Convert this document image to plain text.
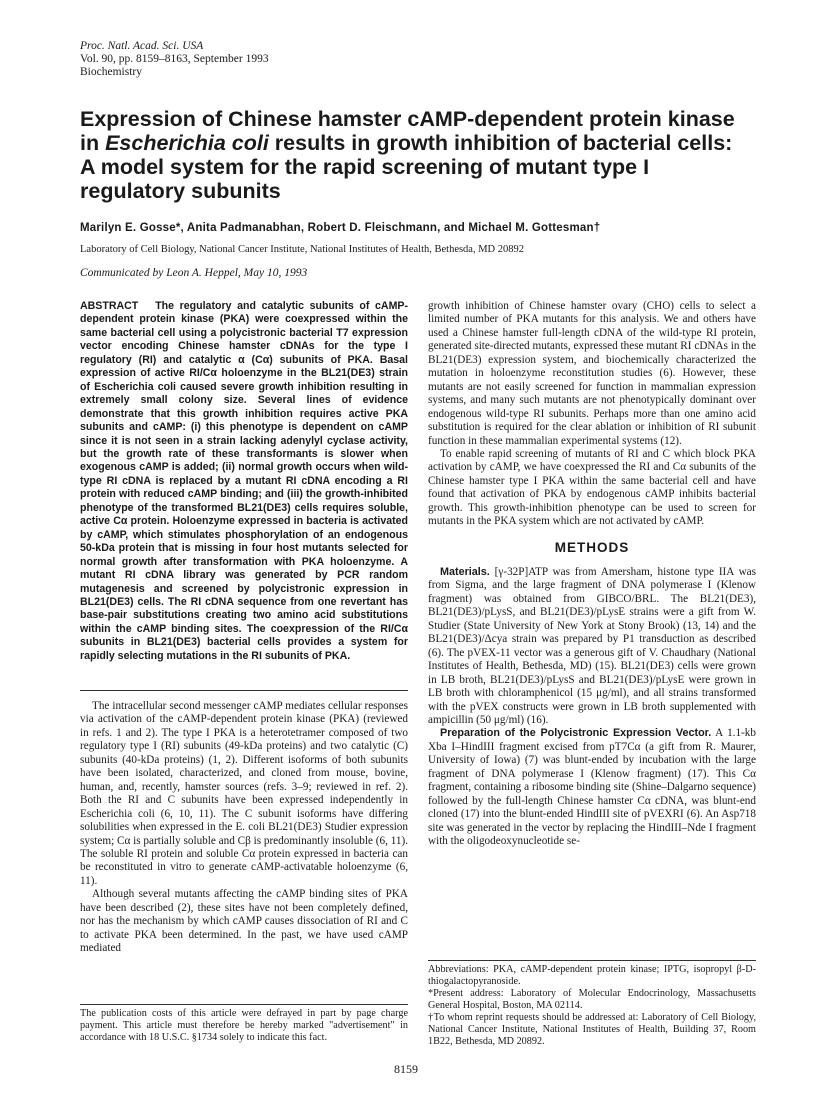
Proc. Natl. Acad. Sci. USA
Vol. 90, pp. 8159–8163, September 1993
Biochemistry
Expression of Chinese hamster cAMP-dependent protein kinase in Escherichia coli results in growth inhibition of bacterial cells: A model system for the rapid screening of mutant type I regulatory subunits
Marilyn E. Gosse*, Anita Padmanabhan, Robert D. Fleischmann, and Michael M. Gottesman†
Laboratory of Cell Biology, National Cancer Institute, National Institutes of Health, Bethesda, MD 20892
Communicated by Leon A. Heppel, May 10, 1993

ABSTRACT The regulatory and catalytic subunits of cAMP-dependent protein kinase (PKA) were coexpressed within the same bacterial cell using a polycistronic bacterial T7 expression vector encoding Chinese hamster cDNAs for the type I regulatory (RI) and catalytic α (Cα) subunits of PKA. Basal expression of active RI/Cα holoenzyme in the BL21(DE3) strain of Escherichia coli caused severe growth inhibition resulting in extremely small colony size. Several lines of evidence demonstrate that this growth inhibition requires active PKA subunits and cAMP: (i) this phenotype is dependent on cAMP since it is not seen in a strain lacking adenylyl cyclase activity, but the growth rate of these transformants is slower when exogenous cAMP is added; (ii) normal growth occurs when wild-type RI cDNA is replaced by a mutant RI cDNA encoding a RI protein with reduced cAMP binding; and (iii) the growth-inhibited phenotype of the transformed BL21(DE3) cells requires soluble, active Cα protein. Holoenzyme expressed in bacteria is activated by cAMP, which stimulates phosphorylation of an endogenous 50-kDa protein that is missing in four host mutants selected for normal growth after transformation with PKA holoenzyme. A mutant RI cDNA library was generated by PCR random mutagenesis and screened by polycistronic expression in BL21(DE3) cells. The RI cDNA sequence from one revertant has base-pair substitutions creating two amino acid substitutions within the cAMP binding sites. The coexpression of the RI/Cα subunits in BL21(DE3) bacterial cells provides a system for rapidly selecting mutations in the RI subunits of PKA.

The intracellular second messenger cAMP mediates cellular responses via activation of the cAMP-dependent protein kinase (PKA) (reviewed in refs. 1 and 2). The type I PKA is a heterotetramer composed of two regulatory type I (RI) subunits (49-kDa proteins) and two catalytic (C) subunits (40-kDa proteins) (1, 2). Different isoforms of both subunits have been isolated, characterized, and cloned from mouse, bovine, human, and, recently, hamster sources (refs. 3–9; reviewed in ref. 2). Both the RI and C subunits have been expressed independently in Escherichia coli (6, 10, 11). The C subunit isoforms have differing solubilities when expressed in the E. coli BL21(DE3) Studier expression system; Cα is partially soluble and Cβ is predominantly insoluble (6, 11). The soluble RI protein and soluble Cα protein expressed in bacteria can be reconstituted in vitro to generate cAMP-activatable holoenzyme (6, 11).

Although several mutants affecting the cAMP binding sites of PKA have been described (2), these sites have not been completely defined, nor has the mechanism by which cAMP causes dissociation of RI and C to activate PKA been determined. In the past, we have used cAMP mediated

The publication costs of this article were defrayed in part by page charge payment. This article must therefore be hereby marked "advertisement" in accordance with 18 U.S.C. §1734 solely to indicate this fact.

growth inhibition of Chinese hamster ovary (CHO) cells to select a limited number of PKA mutants for this analysis. We and others have used a Chinese hamster full-length cDNA of the wild-type RI protein, generated site-directed mutants, expressed these mutant RI cDNAs in the BL21(DE3) expression system, and biochemically characterized the mutation in holoenzyme reconstitution studies (6). However, these mutants are not easily screened for function in mammalian expression systems, and many such mutants are not phenotypically dominant over endogenous wild-type RI subunits. Perhaps more than one amino acid substitution is required for the clear ablation or inhibition of RI subunit function in these mammalian experimental systems (12).

To enable rapid screening of mutants of RI and C which block PKA activation by cAMP, we have coexpressed the RI and Cα subunits of the Chinese hamster type I PKA within the same bacterial cell and have found that activation of PKA by endogenous cAMP inhibits bacterial growth. This growth-inhibition phenotype can be used to screen for mutants in the PKA system which are not activated by cAMP.

METHODS

Materials. [γ-32P]ATP was from Amersham, histone type IIA was from Sigma, and the large fragment of DNA polymerase I (Klenow fragment) was obtained from GIBCO/BRL. The BL21(DE3), BL21(DE3)/pLysS, and BL21(DE3)/pLysE strains were a gift from W. Studier (State University of New York at Stony Brook) (13, 14) and the BL21(DE3)/Δcya strain was prepared by P1 transduction as described (6). The pVEX-11 vector was a generous gift of V. Chaudhary (National Institutes of Health, Bethesda, MD) (15). BL21(DE3) cells were grown in LB broth, BL21(DE3)/pLysS and BL21(DE3)/pLysE were grown in LB broth with chloramphenicol (15 μg/ml), and all strains transformed with the pVEX constructs were grown in LB broth supplemented with ampicillin (50 μg/ml) (16).

Preparation of the Polycistronic Expression Vector. A 1.1-kb Xba I–HindIII fragment excised from pT7Cα (a gift from R. Maurer, University of Iowa) (7) was blunt-ended by incubation with the large fragment of DNA polymerase I (Klenow fragment) (17). This Cα fragment, containing a ribosome binding site (Shine–Dalgarno sequence) followed by the full-length Chinese hamster Cα cDNA, was blunt-end cloned (17) into the blunt-ended HindIII site of pVEXRI (6). An Asp718 site was generated in the vector by replacing the HindIII–Nde I fragment with the oligodeoxynucleotide se-

Abbreviations: PKA, cAMP-dependent protein kinase; IPTG, isopropyl β-D-thiogalactopyranoside.
*Present address: Laboratory of Molecular Endocrinology, Massachusetts General Hospital, Boston, MA 02114.
†To whom reprint requests should be addressed at: Laboratory of Cell Biology, National Cancer Institute, National Institutes of Health, Building 37, Room 1B22, Bethesda, MD 20892.
8159
